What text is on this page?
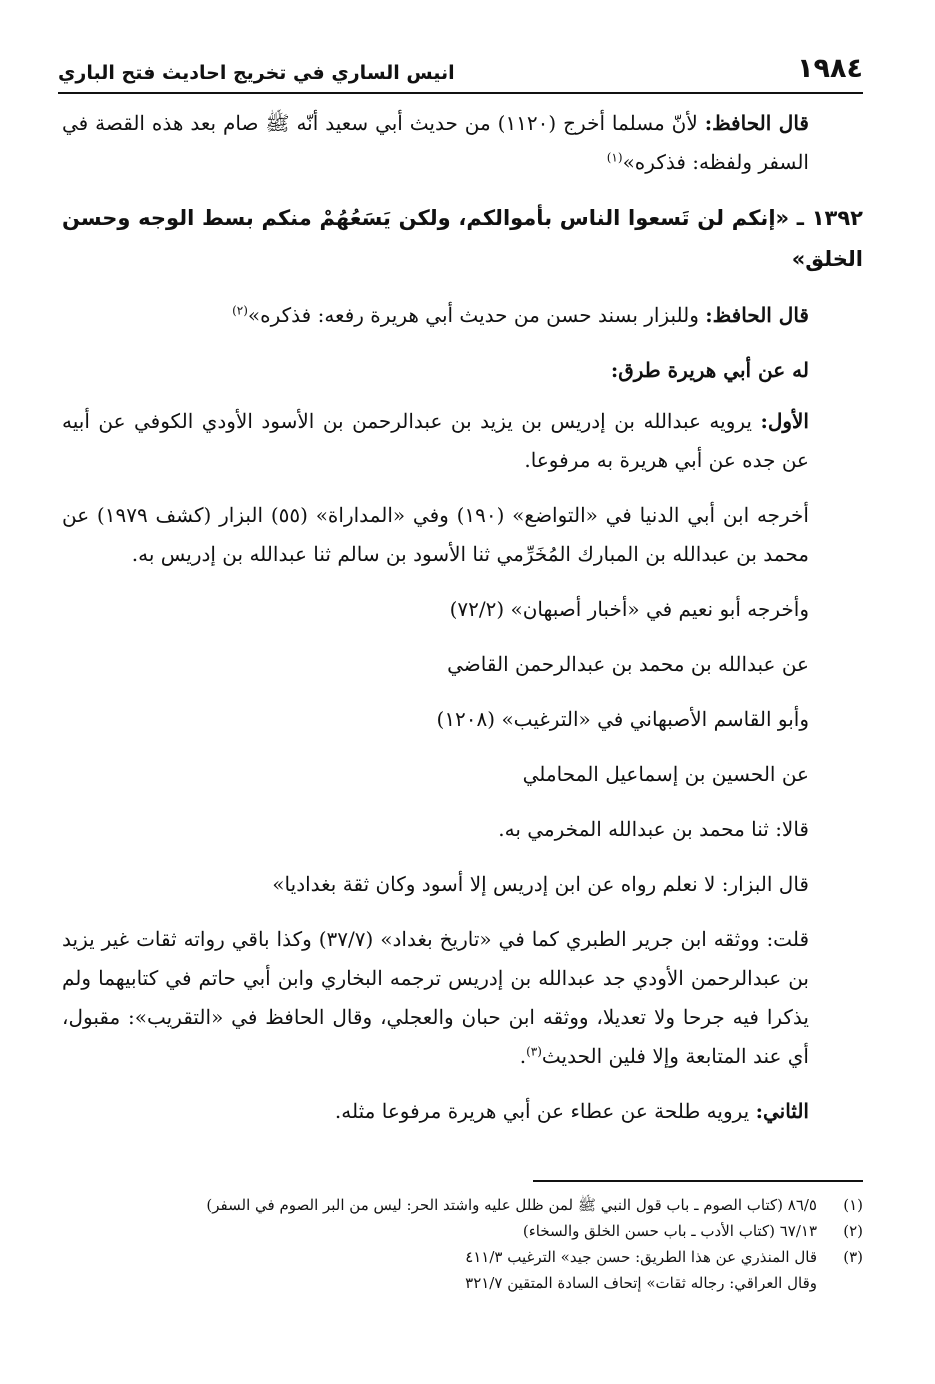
١٩٨٤
انيس الساري في تخريج احاديث فتح الباري

قال الحافظ: لأنّ مسلما أخرج (١١٢٠) من حديث أبي سعيد أنّه ﷺ صام بعد هذه القصة في السفر ولفظه: فذكره»$^{(١)}$

١٣٩٢ ـ «إنكم لن تَسعوا الناس بأموالكم، ولكن يَسَعُهُمْ منكم بسط الوجه وحسن الخلق»

قال الحافظ: وللبزار بسند حسن من حديث أبي هريرة رفعه: فذكره»$^{(٢)}$

له عن أبي هريرة طرق:

الأول: يرويه عبدالله بن إدريس بن يزيد بن عبدالرحمن بن الأسود الأودي الكوفي عن أبيه عن جده عن أبي هريرة به مرفوعا.

أخرجه ابن أبي الدنيا في «التواضع» (١٩٠) وفي «المداراة» (٥٥) البزار (كشف ١٩٧٩) عن محمد بن عبدالله بن المبارك المُخَرِّمي ثنا الأسود بن سالم ثنا عبدالله بن إدريس به.

وأخرجه أبو نعيم في «أخبار أصبهان» (٧٢/٢)

عن عبدالله بن محمد بن عبدالرحمن القاضي

وأبو القاسم الأصبهاني في «الترغيب» (١٢٠٨)

عن الحسين بن إسماعيل المحاملي

قالا: ثنا محمد بن عبدالله المخرمي به.

قال البزار: لا نعلم رواه عن ابن إدريس إلا أسود وكان ثقة بغداديا»

قلت: ووثقه ابن جرير الطبري كما في «تاريخ بغداد» (٣٧/٧) وكذا باقي رواته ثقات غير يزيد بن عبدالرحمن الأودي جد عبدالله بن إدريس ترجمه البخاري وابن أبي حاتم في كتابيهما ولم يذكرا فيه جرحا ولا تعديلا، ووثقه ابن حبان والعجلي، وقال الحافظ في «التقريب»: مقبول، أي عند المتابعة وإلا فلين الحديث$^{(٣)}$.

الثاني: يرويه طلحة عن عطاء عن أبي هريرة مرفوعا مثله.

(١)
٨٦/٥ (كتاب الصوم ـ باب قول النبي ﷺ لمن ظلل عليه واشتد الحر: ليس من البر الصوم في السفر)
(٢)
٦٧/١٣ (كتاب الأدب ـ باب حسن الخلق والسخاء)
(٣)
قال المنذري عن هذا الطريق: حسن جيد» الترغيب ٤١١/٣
وقال العراقي: رجاله ثقات» إتحاف السادة المتقين ٣٢١/٧
